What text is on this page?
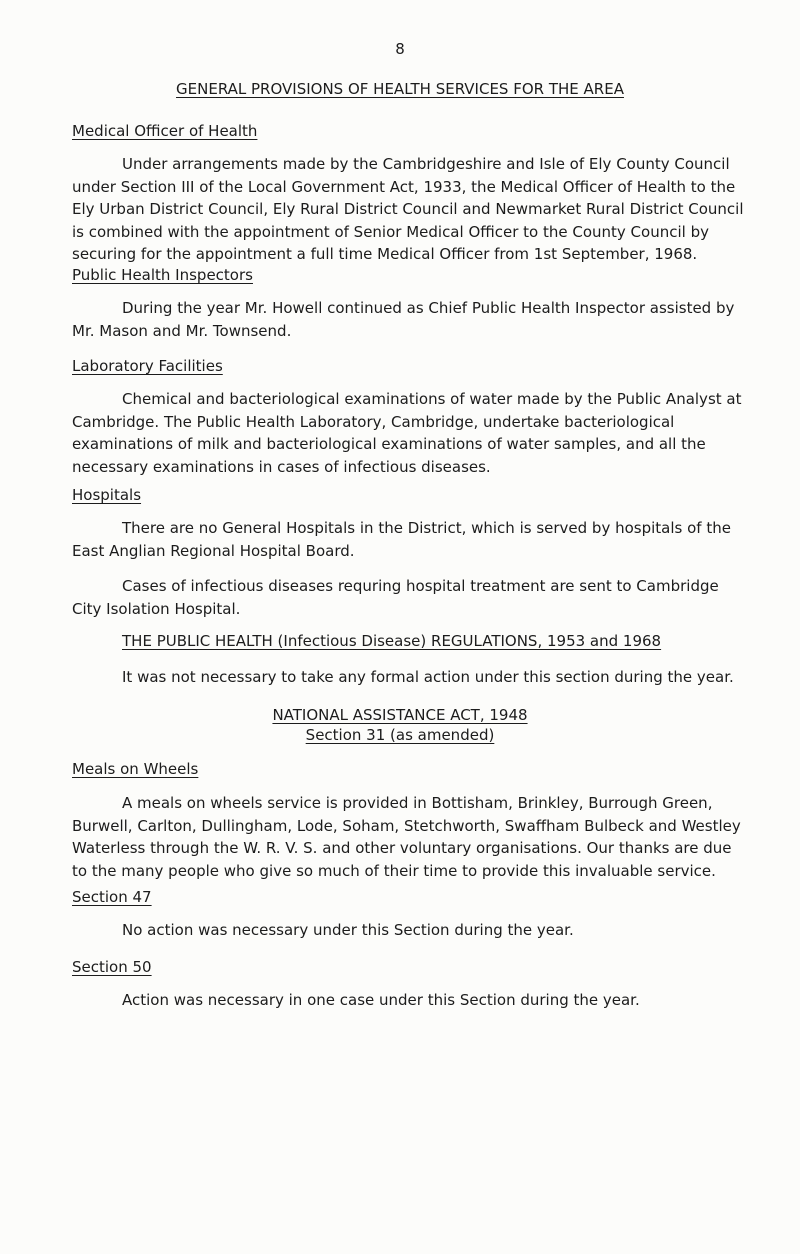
8
GENERAL PROVISIONS OF HEALTH SERVICES FOR THE AREA
Medical Officer of Health
Under arrangements made by the Cambridgeshire and Isle of Ely County Council under Section III of the Local Government Act, 1933, the Medical Officer of Health to the Ely Urban District Council, Ely Rural District Council and Newmarket Rural District Council is combined with the appointment of Senior Medical Officer to the County Council by securing for the appointment a full time Medical Officer from 1st September, 1968.
Public Health Inspectors
During the year Mr. Howell continued as Chief Public Health Inspector assisted by Mr. Mason and Mr. Townsend.
Laboratory Facilities
Chemical and bacteriological examinations of water made by the Public Analyst at Cambridge. The Public Health Laboratory, Cambridge, undertake bacteriological examinations of milk and bacteriological examinations of water samples, and all the necessary examinations in cases of infectious diseases.
Hospitals
There are no General Hospitals in the District, which is served by hospitals of the East Anglian Regional Hospital Board.
Cases of infectious diseases requring hospital treatment are sent to Cambridge City Isolation Hospital.
THE PUBLIC HEALTH (Infectious Disease) REGULATIONS, 1953 and 1968
It was not necessary to take any formal action under this section during the year.
NATIONAL ASSISTANCE ACT, 1948
Section 31 (as amended)
Meals on Wheels
A meals on wheels service is provided in Bottisham, Brinkley, Burrough Green, Burwell, Carlton, Dullingham, Lode, Soham, Stetchworth, Swaffham Bulbeck and Westley Waterless through the W. R. V. S. and other voluntary organisations. Our thanks are due to the many people who give so much of their time to provide this invaluable service.
Section 47
No action was necessary under this Section during the year.
Section 50
Action was necessary in one case under this Section during the year.
